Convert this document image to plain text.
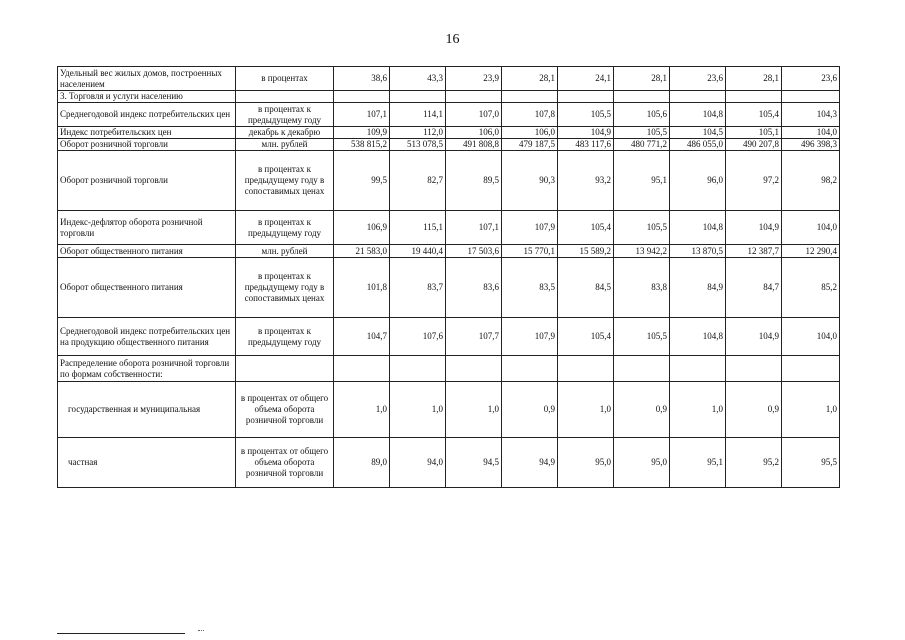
16
Удельный вес жилых домов, построенных населением	в процентах	38,6	43,3	23,9	28,1	24,1	28,1	23,6	28,1	23,6
3. Торговля и услуги населению										
Среднегодовой индекс потребительских цен	в процентах к предыдущему году	107,1	114,1	107,0	107,8	105,5	105,6	104,8	105,4	104,3
Индекс потребительских цен	декабрь к декабрю	109,9	112,0	106,0	106,0	104,9	105,5	104,5	105,1	104,0
Оборот розничной торговли	млн. рублей	538 815,2	513 078,5	491 808,8	479 187,5	483 117,6	480 771,2	486 055,0	490 207,8	496 398,3
Оборот розничной торговли	в процентах к предыдущему году в сопоставимых ценах	99,5	82,7	89,5	90,3	93,2	95,1	96,0	97,2	98,2
Индекс-дефлятор оборота розничной торговли	в процентах к предыдущему году	106,9	115,1	107,1	107,9	105,4	105,5	104,8	104,9	104,0
Оборот общественного питания	млн. рублей	21 583,0	19 440,4	17 503,6	15 770,1	15 589,2	13 942,2	13 870,5	12 387,7	12 290,4
Оборот общественного питания	в процентах к предыдущему году в сопоставимых ценах	101,8	83,7	83,6	83,5	84,5	83,8	84,9	84,7	85,2
Среднегодовой индекс потребительских цен на продукцию общественного питания	в процентах к предыдущему году	104,7	107,6	107,7	107,9	105,4	105,5	104,8	104,9	104,0
Распределение оборота розничной торговли по формам собственности:										
государственная и муниципальная	в процентах от общего объема оборота розничной торговли	1,0	1,0	1,0	0,9	1,0	0,9	1,0	0,9	1,0
частная	в процентах от общего объема оборота розничной торговли	89,0	94,0	94,5	94,9	95,0	95,0	95,1	95,2	95,5
